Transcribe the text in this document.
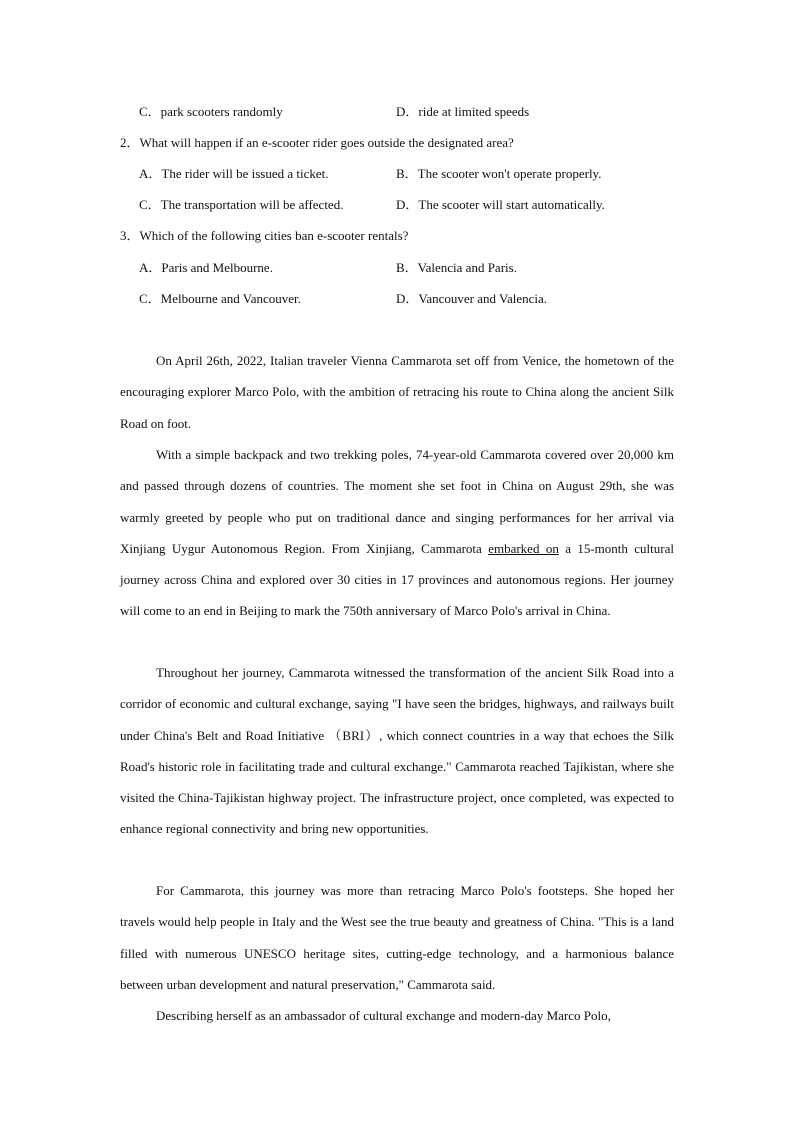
C．park scooters randomly	D．ride at limited speeds
2．What will happen if an e-scooter rider goes outside the designated area?
A．The rider will be issued a ticket.	B．The scooter won't operate properly.
C．The transportation will be affected.	D．The scooter will start automatically.
3．Which of the following cities ban e-scooter rentals?
A．Paris and Melbourne.	B．Valencia and Paris.
C．Melbourne and Vancouver.	D．Vancouver and Valencia.

On April 26th, 2022, Italian traveler Vienna Cammarota set off from Venice, the hometown of the encouraging explorer Marco Polo, with the ambition of retracing his route to China along the ancient Silk Road on foot.

With a simple backpack and two trekking poles, 74-year-old Cammarota covered over 20,000 km and passed through dozens of countries. The moment she set foot in China on August 29th, she was warmly greeted by people who put on traditional dance and singing performances for her arrival via Xinjiang Uygur Autonomous Region. From Xinjiang, Cammarota embarked on a 15-month cultural journey across China and explored over 30 cities in 17 provinces and autonomous regions. Her journey will come to an end in Beijing to mark the 750th anniversary of Marco Polo's arrival in China.

Throughout her journey, Cammarota witnessed the transformation of the ancient Silk Road into a corridor of economic and cultural exchange, saying "I have seen the bridges, highways, and railways built under China's Belt and Road Initiative （BRI）, which connect countries in a way that echoes the Silk Road's historic role in facilitating trade and cultural exchange." Cammarota reached Tajikistan, where she visited the China-Tajikistan highway project. The infrastructure project, once completed, was expected to enhance regional connectivity and bring new opportunities.

For Cammarota, this journey was more than retracing Marco Polo's footsteps. She hoped her travels would help people in Italy and the West see the true beauty and greatness of China. "This is a land filled with numerous UNESCO heritage sites, cutting-edge technology, and a harmonious balance between urban development and natural preservation," Cammarota said.

Describing herself as an ambassador of cultural exchange and modern-day Marco Polo,
